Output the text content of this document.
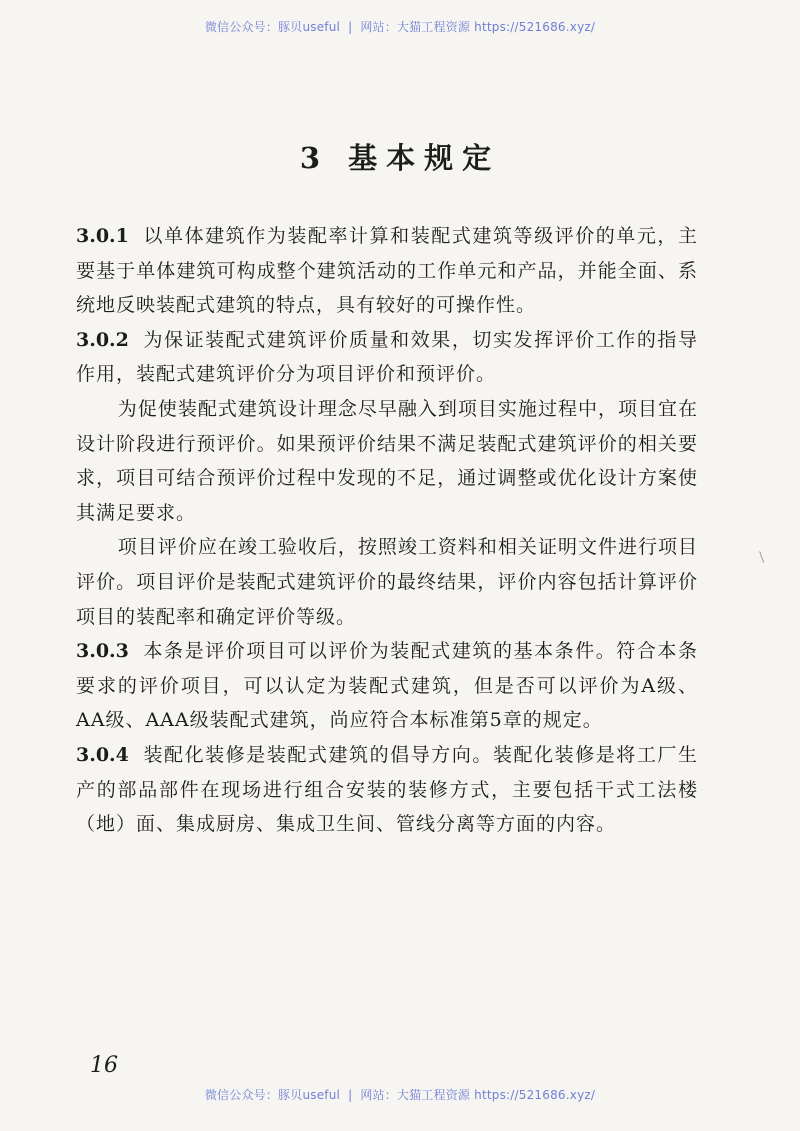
微信公众号：豚贝useful | 网站：大猫工程资源 https://521686.xyz/
3 基本规定

3.0.1 以单体建筑作为装配率计算和装配式建筑等级评价的单元，主要基于单体建筑可构成整个建筑活动的工作单元和产品，并能全面、系统地反映装配式建筑的特点，具有较好的可操作性。

3.0.2 为保证装配式建筑评价质量和效果，切实发挥评价工作的指导作用，装配式建筑评价分为项目评价和预评价。

为促使装配式建筑设计理念尽早融入到项目实施过程中，项目宜在设计阶段进行预评价。如果预评价结果不满足装配式建筑评价的相关要求，项目可结合预评价过程中发现的不足，通过调整或优化设计方案使其满足要求。

项目评价应在竣工验收后，按照竣工资料和相关证明文件进行项目评价。项目评价是装配式建筑评价的最终结果，评价内容包括计算评价项目的装配率和确定评价等级。

3.0.3 本条是评价项目可以评价为装配式建筑的基本条件。符合本条要求的评价项目，可以认定为装配式建筑，但是否可以评价为A级、AA级、AAA级装配式建筑，尚应符合本标准第5章的规定。

3.0.4 装配化装修是装配式建筑的倡导方向。装配化装修是将工厂生产的部品部件在现场进行组合安装的装修方式，主要包括干式工法楼（地）面、集成厨房、集成卫生间、管线分离等方面的内容。

16
微信公众号：豚贝useful | 网站：大猫工程资源 https://521686.xyz/
